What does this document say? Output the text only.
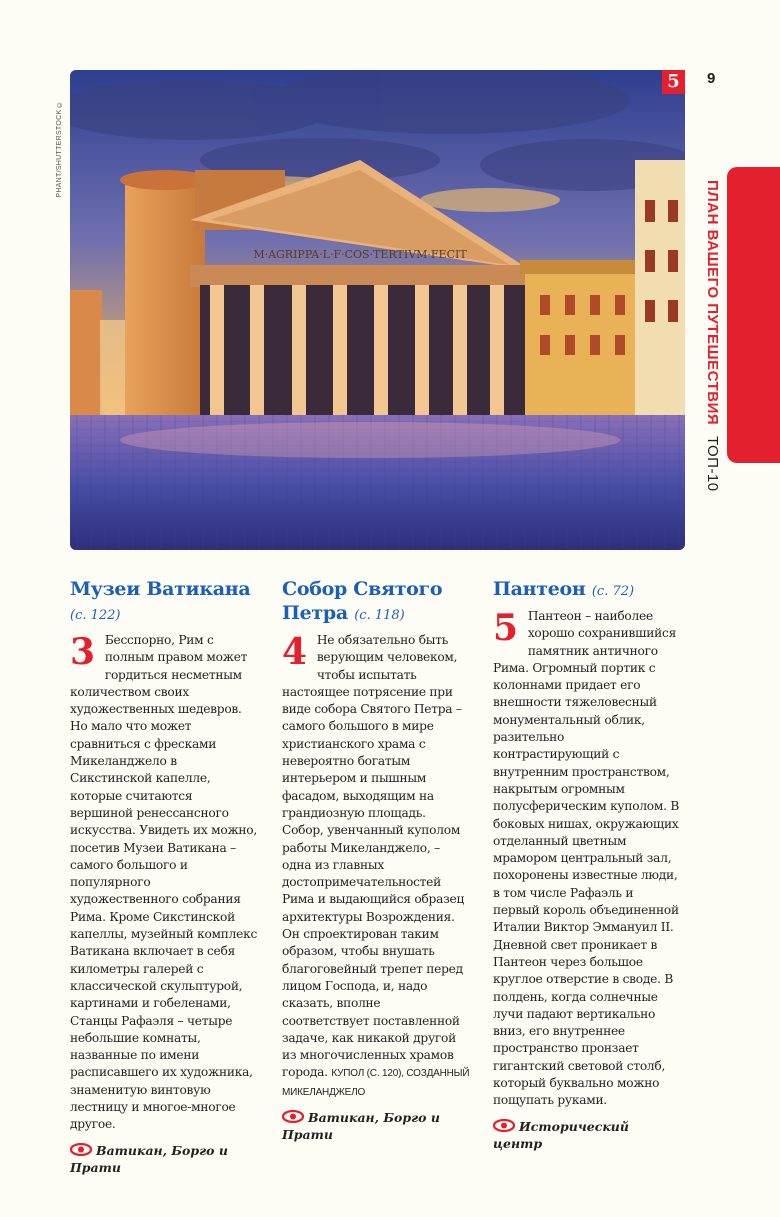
M·AGRIPPA·L·F·COS·TERTIVM·FECIT
PHANT/SHUTTERSTOCK ©
5	9
ПЛАН ВАШЕГО ПУТЕШЕСТВИЯ ТОП-10
Музеи Ватикана (с. 122)

3 Бесспорно, Рим с полным правом может гордиться несметным количеством своих художественных шедевров. Но мало что может сравниться с фресками Микеланджело в Сикстинской капелле, которые считаются вершиной ренессансного искусства. Увидеть их можно, посетив Музеи Ватикана – самого большого и популярного художественного собрания Рима. Кроме Сикстинской капеллы, музейный комплекс Ватикана включает в себя километры галерей с классической скульптурой, картинами и гобеленами, Станцы Рафаэля – четыре небольшие комнаты, названные по имени расписавшего их художника, знаменитую винтовую лестницу и многое-многое другое.

Ватикан, Борго и Прати
Собор Святого Петра (с. 118)

4 Не обязательно быть верующим человеком, чтобы испытать настоящее потрясение при виде собора Святого Петра – самого большого в мире христианского храма с невероятно богатым интерьером и пышным фасадом, выходящим на грандиозную площадь. Собор, увенчанный куполом работы Микеланджело, – одна из главных достопримечательностей Рима и выдающийся образец архитектуры Возрождения. Он спроектирован таким образом, чтобы внушать благоговейный трепет перед лицом Господа, и, надо сказать, вполне соответствует поставленной задаче, как никакой другой из многочисленных храмов города. КУПОЛ (С. 120), СОЗДАННЫЙ МИКЕЛАНДЖЕЛО

Ватикан, Борго и Прати
Пантеон (с. 72)

5 Пантеон – наиболее хорошо сохранившийся памятник античного Рима. Огромный портик с колоннами придает его внешности тяжеловесный монументальный облик, разительно контрастирующий с внутренним пространством, накрытым огромным полусферическим куполом. В боковых нишах, окружающих отделанный цветным мрамором центральный зал, похоронены известные люди, в том числе Рафаэль и первый король объединенной Италии Виктор Эммануил II. Дневной свет проникает в Пантеон через большое круглое отверстие в своде. В полдень, когда солнечные лучи падают вертикально вниз, его внутреннее пространство пронзает гигантский световой столб, который буквально можно пощупать руками.

Исторический центр
